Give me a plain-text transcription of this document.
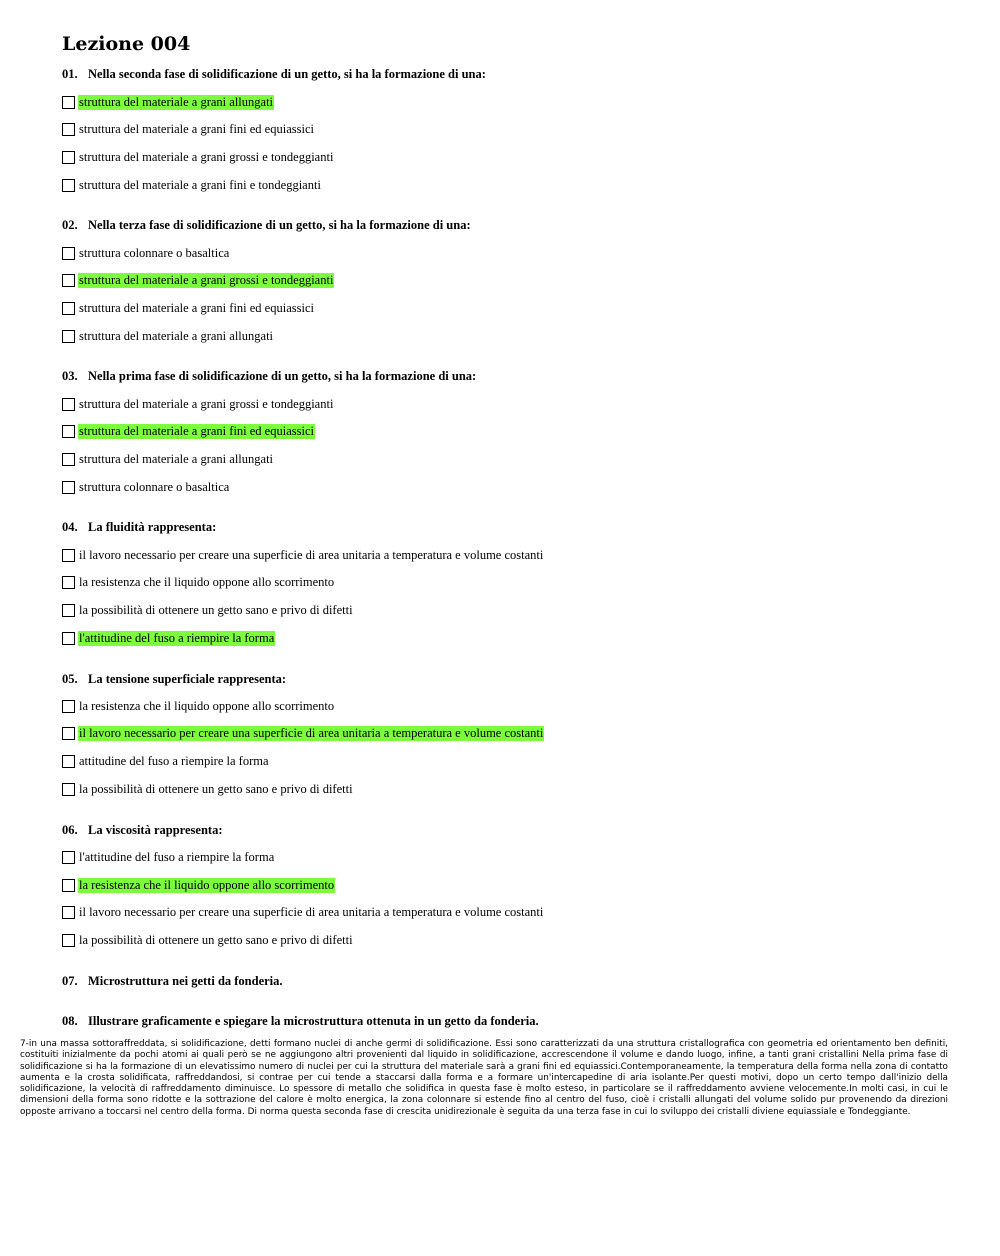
Lezione 004
01. Nella seconda fase di solidificazione di un getto, si ha la formazione di una:
struttura del materiale a grani allungati
struttura del materiale a grani fini ed equiassici
struttura del materiale a grani grossi e tondeggianti
struttura del materiale a grani fini e tondeggianti
02. Nella terza fase di solidificazione di un getto, si ha la formazione di una:
struttura colonnare o basaltica
struttura del materiale a grani grossi e tondeggianti
struttura del materiale a grani fini ed equiassici
struttura del materiale a grani allungati
03. Nella prima fase di solidificazione di un getto, si ha la formazione di una:
struttura del materiale a grani grossi e tondeggianti
struttura del materiale a grani fini ed equiassici
struttura del materiale a grani allungati
struttura colonnare o basaltica
04. La fluidità rappresenta:
il lavoro necessario per creare una superficie di area unitaria a temperatura e volume costanti
la resistenza che il liquido oppone allo scorrimento
la possibilità di ottenere un getto sano e privo di difetti
l'attitudine del fuso a riempire la forma
05. La tensione superficiale rappresenta:
la resistenza che il liquido oppone allo scorrimento
il lavoro necessario per creare una superficie di area unitaria a temperatura e volume costanti
attitudine del fuso a riempire la forma
la possibilità di ottenere un getto sano e privo di difetti
06. La viscosità rappresenta:
l'attitudine del fuso a riempire la forma
la resistenza che il liquido oppone allo scorrimento
il lavoro necessario per creare una superficie di area unitaria a temperatura e volume costanti
la possibilità di ottenere un getto sano e privo di difetti
07. Microstruttura nei getti da fonderia.
08. Illustrare graficamente e spiegare la microstruttura ottenuta in un getto da fonderia.

7-in una massa sottoraffreddata, si solidificazione, detti formano nuclei di anche germi di solidificazione. Essi sono caratterizzati da una struttura cristallografica con geometria ed orientamento ben definiti, costituiti inizialmente da pochi atomi ai quali però se ne aggiungono altri provenienti dal liquido in solidificazione, accrescendone il volume e dando luogo, infine, a tanti grani cristallini Nella prima fase di solidificazione si ha la formazione di un elevatissimo numero di nuclei per cui la struttura del materiale sarà a grani fini ed equiassici.Contemporaneamente, la temperatura della forma nella zona di contatto aumenta e la crosta solidificata, raffreddandosi, si contrae per cui tende a staccarsi dalla forma e a formare un'intercapedine di aria isolante.Per questi motivi, dopo un certo tempo dall'inizio della solidificazione, la velocità di raffreddamento diminuisce. Lo spessore di metallo che solidifica in questa fase è molto esteso, in particolare se il raffreddamento avviene velocemente.In molti casi, in cui le dimensioni della forma sono ridotte e la sottrazione del calore è molto energica, la zona colonnare si estende fino al centro del fuso, cioè i cristalli allungati del volume solido pur provenendo da direzioni opposte arrivano a toccarsi nel centro della forma. Di norma questa seconda fase di crescita unidirezionale è seguita da una terza fase in cui lo sviluppo dei cristalli diviene equiassiale e Tondeggiante.
